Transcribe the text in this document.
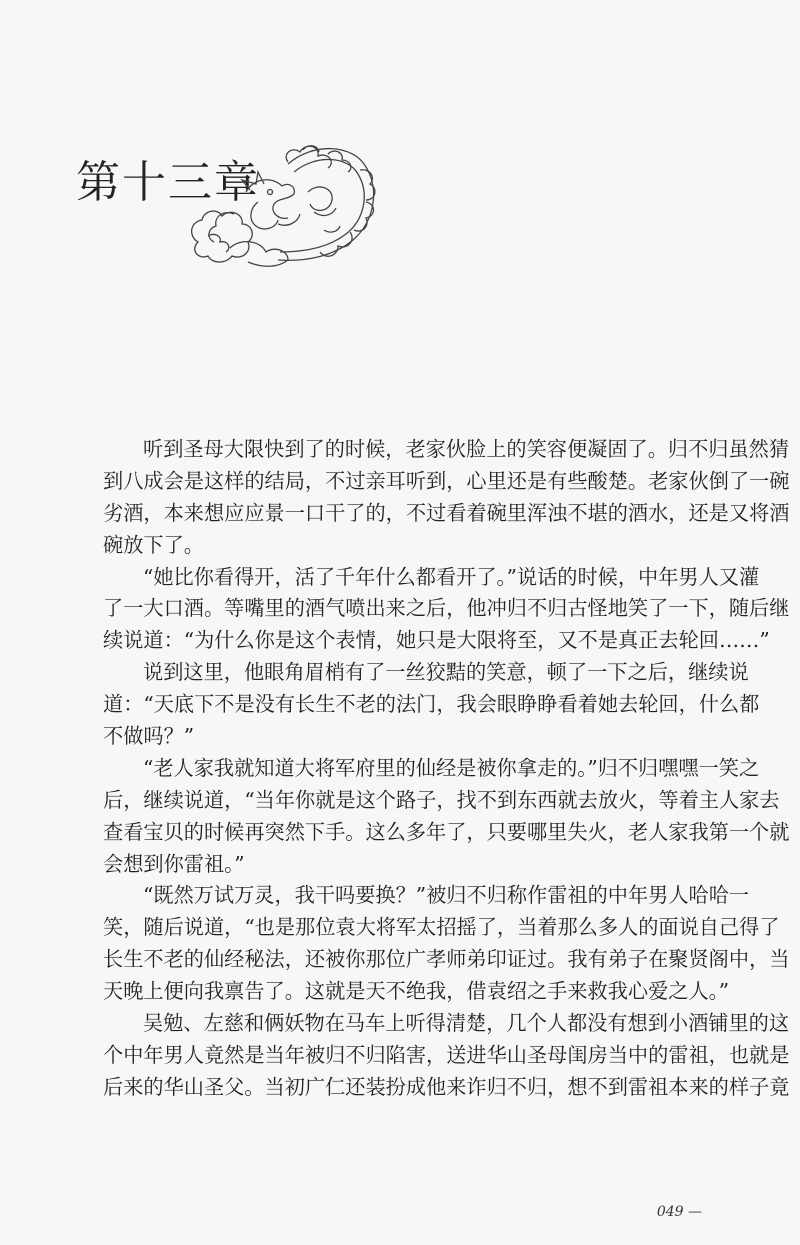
第十三章
听到圣母大限快到了的时候，老家伙脸上的笑容便凝固了。归不归虽然猜
到八成会是这样的结局，不过亲耳听到，心里还是有些酸楚。老家伙倒了一碗
劣酒，本来想应应景一口干了的，不过看着碗里浑浊不堪的酒水，还是又将酒
碗放下了。
“她比你看得开，活了千年什么都看开了。”说话的时候，中年男人又灌
了一大口酒。等嘴里的酒气喷出来之后，他冲归不归古怪地笑了一下，随后继
续说道：“为什么你是这个表情，她只是大限将至，又不是真正去轮回……”
说到这里，他眼角眉梢有了一丝狡黠的笑意，顿了一下之后，继续说
道：“天底下不是没有长生不老的法门，我会眼睁睁看着她去轮回，什么都
不做吗？”
“老人家我就知道大将军府里的仙经是被你拿走的。”归不归嘿嘿一笑之
后，继续说道，“当年你就是这个路子，找不到东西就去放火，等着主人家去
查看宝贝的时候再突然下手。这么多年了，只要哪里失火，老人家我第一个就
会想到你雷祖。”
“既然万试万灵，我干吗要换？”被归不归称作雷祖的中年男人哈哈一
笑，随后说道，“也是那位袁大将军太招摇了，当着那么多人的面说自己得了
长生不老的仙经秘法，还被你那位广孝师弟印证过。我有弟子在聚贤阁中，当
天晚上便向我禀告了。这就是天不绝我，借袁绍之手来救我心爱之人。”
吴勉、左慈和俩妖物在马车上听得清楚，几个人都没有想到小酒铺里的这
个中年男人竟然是当年被归不归陷害，送进华山圣母闺房当中的雷祖，也就是
后来的华山圣父。当初广仁还装扮成他来诈归不归，想不到雷祖本来的样子竟
049 —
